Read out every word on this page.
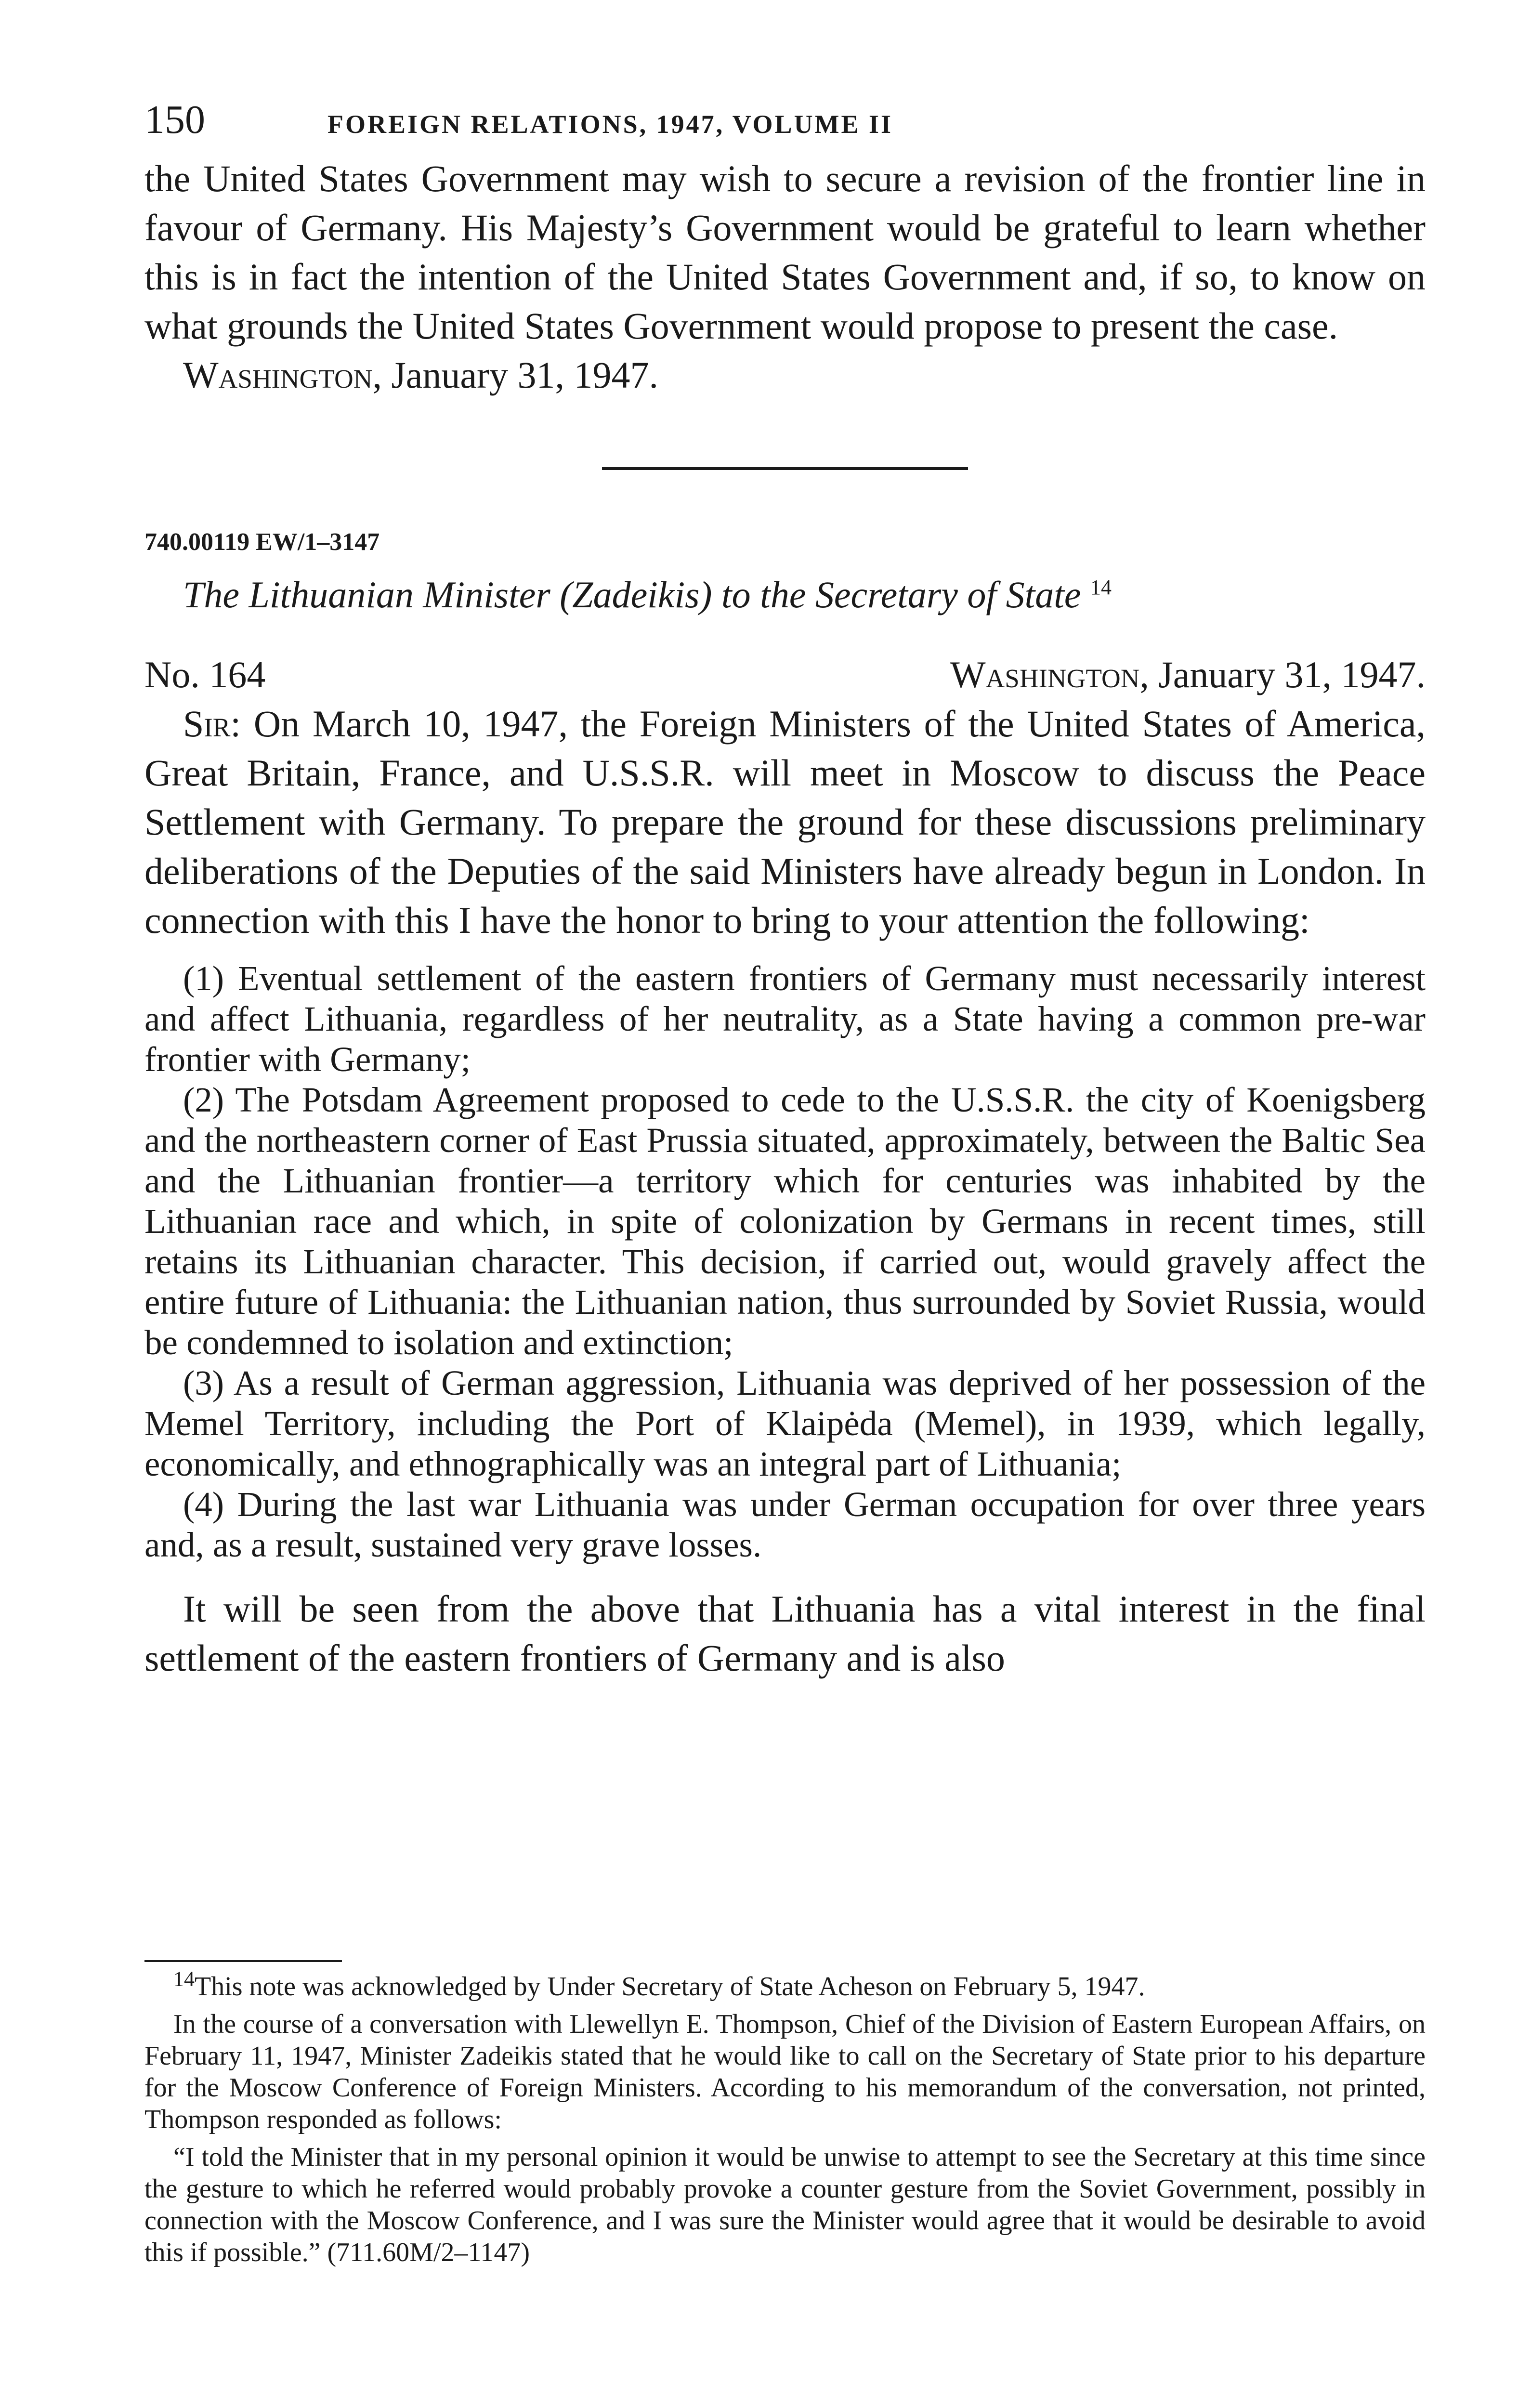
150	FOREIGN RELATIONS, 1947, VOLUME II

the United States Government may wish to secure a revision of the frontier line in favour of Germany. His Majesty’s Government would be grateful to learn whether this is in fact the intention of the United States Government and, if so, to know on what grounds the United States Government would propose to present the case.

Washington, January 31, 1947.

740.00119 EW/1–3147

The Lithuanian Minister (Zadeikis) to the Secretary of State $^{14}$

No. 164	Washington, January 31, 1947.

Sir: On March 10, 1947, the Foreign Ministers of the United States of America, Great Britain, France, and U.S.S.R. will meet in Moscow to discuss the Peace Settlement with Germany. To prepare the ground for these discussions preliminary deliberations of the Deputies of the said Ministers have already begun in London. In connection with this I have the honor to bring to your attention the following:

(1) Eventual settlement of the eastern frontiers of Germany must necessarily interest and affect Lithuania, regardless of her neutrality, as a State having a common pre-war frontier with Germany;

(2) The Potsdam Agreement proposed to cede to the U.S.S.R. the city of Koenigsberg and the northeastern corner of East Prussia situated, approximately, between the Baltic Sea and the Lithuanian frontier—a territory which for centuries was inhabited by the Lithuanian race and which, in spite of colonization by Germans in recent times, still retains its Lithuanian character. This decision, if carried out, would gravely affect the entire future of Lithuania: the Lithuanian nation, thus surrounded by Soviet Russia, would be condemned to isolation and extinction;

(3) As a result of German aggression, Lithuania was deprived of her possession of the Memel Territory, including the Port of Klaipėda (Memel), in 1939, which legally, economically, and ethnographically was an integral part of Lithuania;

(4) During the last war Lithuania was under German occupation for over three years and, as a result, sustained very grave losses.

It will be seen from the above that Lithuania has a vital interest in the final settlement of the eastern frontiers of Germany and is also

$^{14}$This note was acknowledged by Under Secretary of State Acheson on February 5, 1947.

In the course of a conversation with Llewellyn E. Thompson, Chief of the Division of Eastern European Affairs, on February 11, 1947, Minister Zadeikis stated that he would like to call on the Secretary of State prior to his departure for the Moscow Conference of Foreign Ministers. According to his memorandum of the conversation, not printed, Thompson responded as follows:

“I told the Minister that in my personal opinion it would be unwise to attempt to see the Secretary at this time since the gesture to which he referred would probably provoke a counter gesture from the Soviet Government, possibly in connection with the Moscow Conference, and I was sure the Minister would agree that it would be desirable to avoid this if possible.” (711.60M/2–1147)
